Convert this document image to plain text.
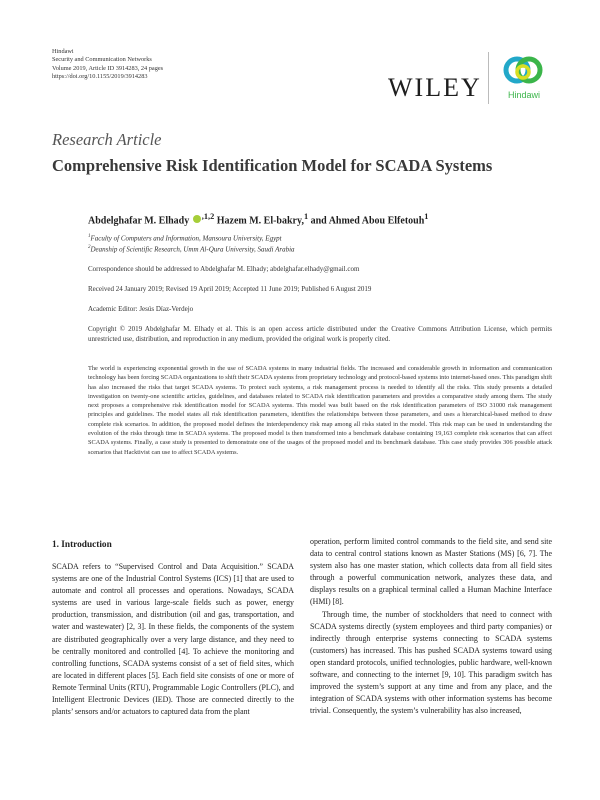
Hindawi
Security and Communication Networks
Volume 2019, Article ID 3914283, 24 pages
https://doi.org/10.1155/2019/3914283	WILEY	Hindawi
Research Article
Comprehensive Risk Identification Model for SCADA Systems
Abdelghafar M. Elhady $^{,1,2}$ Hazem M. El-bakry,$^1$ and Ahmed Abou Elfetouh$^1$
$^1$Faculty of Computers and Information, Mansoura University, Egypt
$^2$Deanship of Scientific Research, Umm Al-Qura University, Saudi Arabia
Correspondence should be addressed to Abdelghafar M. Elhady; abdelghafar.elhady@gmail.com
Received 24 January 2019; Revised 19 April 2019; Accepted 11 June 2019; Published 6 August 2019
Academic Editor: Jesús Díaz-Verdejo
Copyright © 2019 Abdelghafar M. Elhady et al. This is an open access article distributed under the Creative Commons Attribution License, which permits unrestricted use, distribution, and reproduction in any medium, provided the original work is properly cited.
The world is experiencing exponential growth in the use of SCADA systems in many industrial fields. The increased and considerable growth in information and communication technology has been forcing SCADA organizations to shift their SCADA systems from proprietary technology and protocol-based systems into internet-based ones. This paradigm shift has also increased the risks that target SCADA systems. To protect such systems, a risk management process is needed to identify all the risks. This study presents a detailed investigation on twenty-one scientific articles, guidelines, and databases related to SCADA risk identification parameters and provides a comparative study among them. The study next proposes a comprehensive risk identification model for SCADA systems. This model was built based on the risk identification parameters of ISO 31000 risk management principles and guidelines. The model states all risk identification parameters, identifies the relationships between those parameters, and uses a hierarchical-based method to draw complete risk scenarios. In addition, the proposed model defines the interdependency risk map among all risks stated in the model. This risk map can be used in understanding the evolution of the risks through time in SCADA systems. The proposed model is then transformed into a benchmark database containing 19,163 complete risk scenarios that can affect SCADA systems. Finally, a case study is presented to demonstrate one of the usages of the proposed model and its benchmark database. This case study provides 306 possible attack scenarios that Hacktivist can use to affect SCADA systems.
1. Introduction

SCADA refers to “Supervised Control and Data Acquisition.” SCADA systems are one of the Industrial Control Systems (ICS) [1] that are used to automate and control all processes and operations. Nowadays, SCADA systems are used in various large-scale fields such as power, energy production, transmission, and distribution (oil and gas, transportation, and water and wastewater) [2, 3]. In these fields, the components of the system are distributed geographically over a very large distance, and they need to be centrally monitored and controlled [4]. To achieve the monitoring and controlling functions, SCADA systems consist of a set of field sites, which are located in different places [5]. Each field site consists of one or more of Remote Terminal Units (RTU), Programmable Logic Controllers (PLC), and Intelligent Electronic Devices (IED). Those are connected directly to the plants’ sensors and/or actuators to captured data from the plant

operation, perform limited control commands to the field site, and send site data to central control stations known as Master Stations (MS) [6, 7]. The system also has one master station, which collects data from all field sites through a powerful communication network, analyzes these data, and displays results on a graphical terminal called a Human Machine Interface (HMI) [8].

Through time, the number of stockholders that need to connect with SCADA systems directly (system employees and third party companies) or indirectly through enterprise systems connecting to SCADA systems (customers) has increased. This has pushed SCADA systems toward using open standard protocols, unified technologies, public hardware, well-known software, and connecting to the internet [9, 10]. This paradigm switch has improved the system’s support at any time and from any place, and the integration of SCADA systems with other information systems has become trivial. Consequently, the system’s vulnerability has also increased,
